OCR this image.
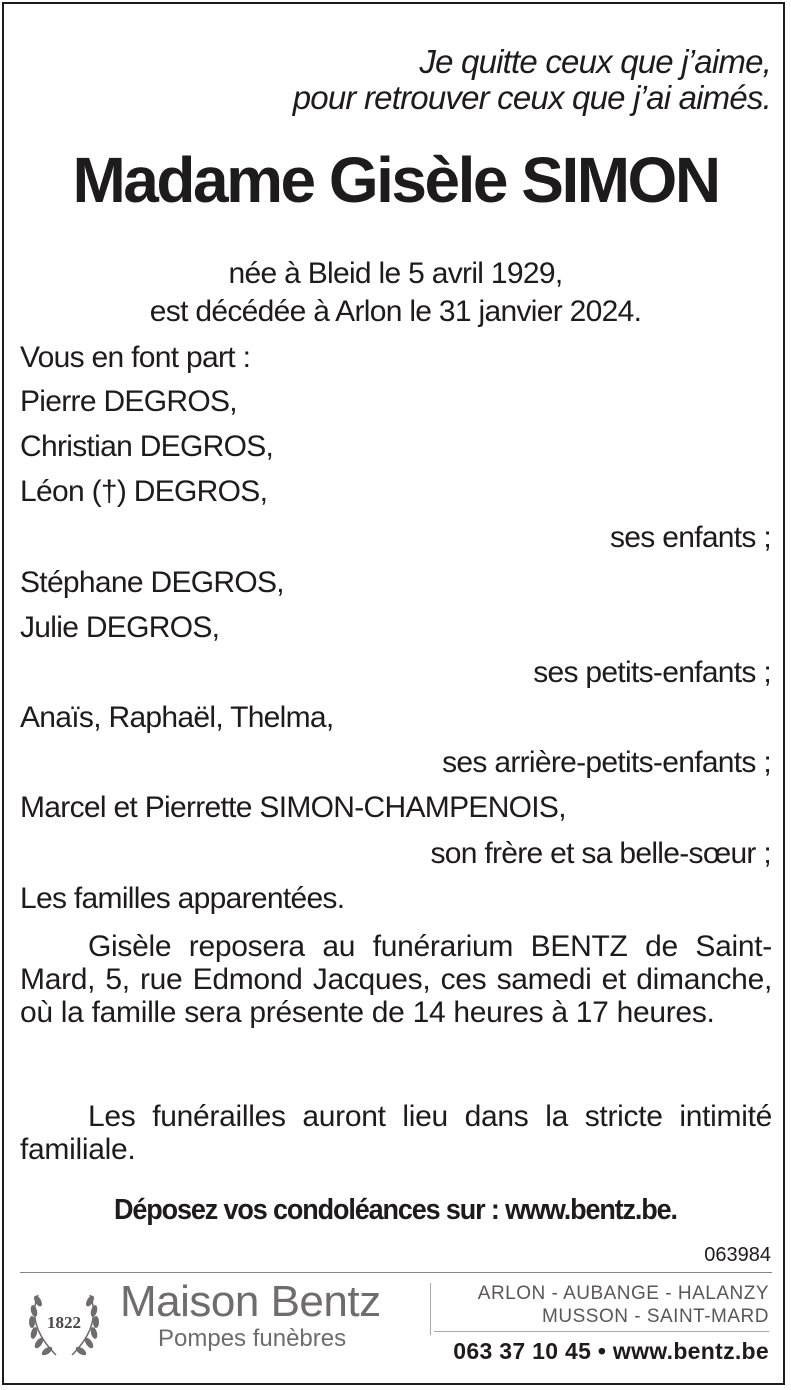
Je quitte ceux que j’aime,
pour retrouver ceux que j’ai aimés.
Madame Gisèle SIMON
née à Bleid le 5 avril 1929,
est décédée à Arlon le 31 janvier 2024.
Vous en font part :
Pierre DEGROS,
Christian DEGROS,
Léon (†) DEGROS,
ses enfants ;
Stéphane DEGROS,
Julie DEGROS,
ses petits-enfants ;
Anaïs, Raphaël, Thelma,
ses arrière-petits-enfants ;
Marcel et Pierrette SIMON-CHAMPENOIS,
son frère et sa belle-sœur ;
Les familles apparentées.
Gisèle reposera au funérarium BENTZ de Saint-Mard, 5, rue Edmond Jacques, ces samedi et dimanche, où la famille sera présente de 14 heures à 17 heures.
Les funérailles auront lieu dans la stricte intimité familiale.
Déposez vos condoléances sur : www.bentz.be.
063984
1822 Maison Bentz
Pompes funèbres
ARLON - AUBANGE - HALANZY
MUSSON - SAINT-MARD
063 37 10 45 • www.bentz.be
